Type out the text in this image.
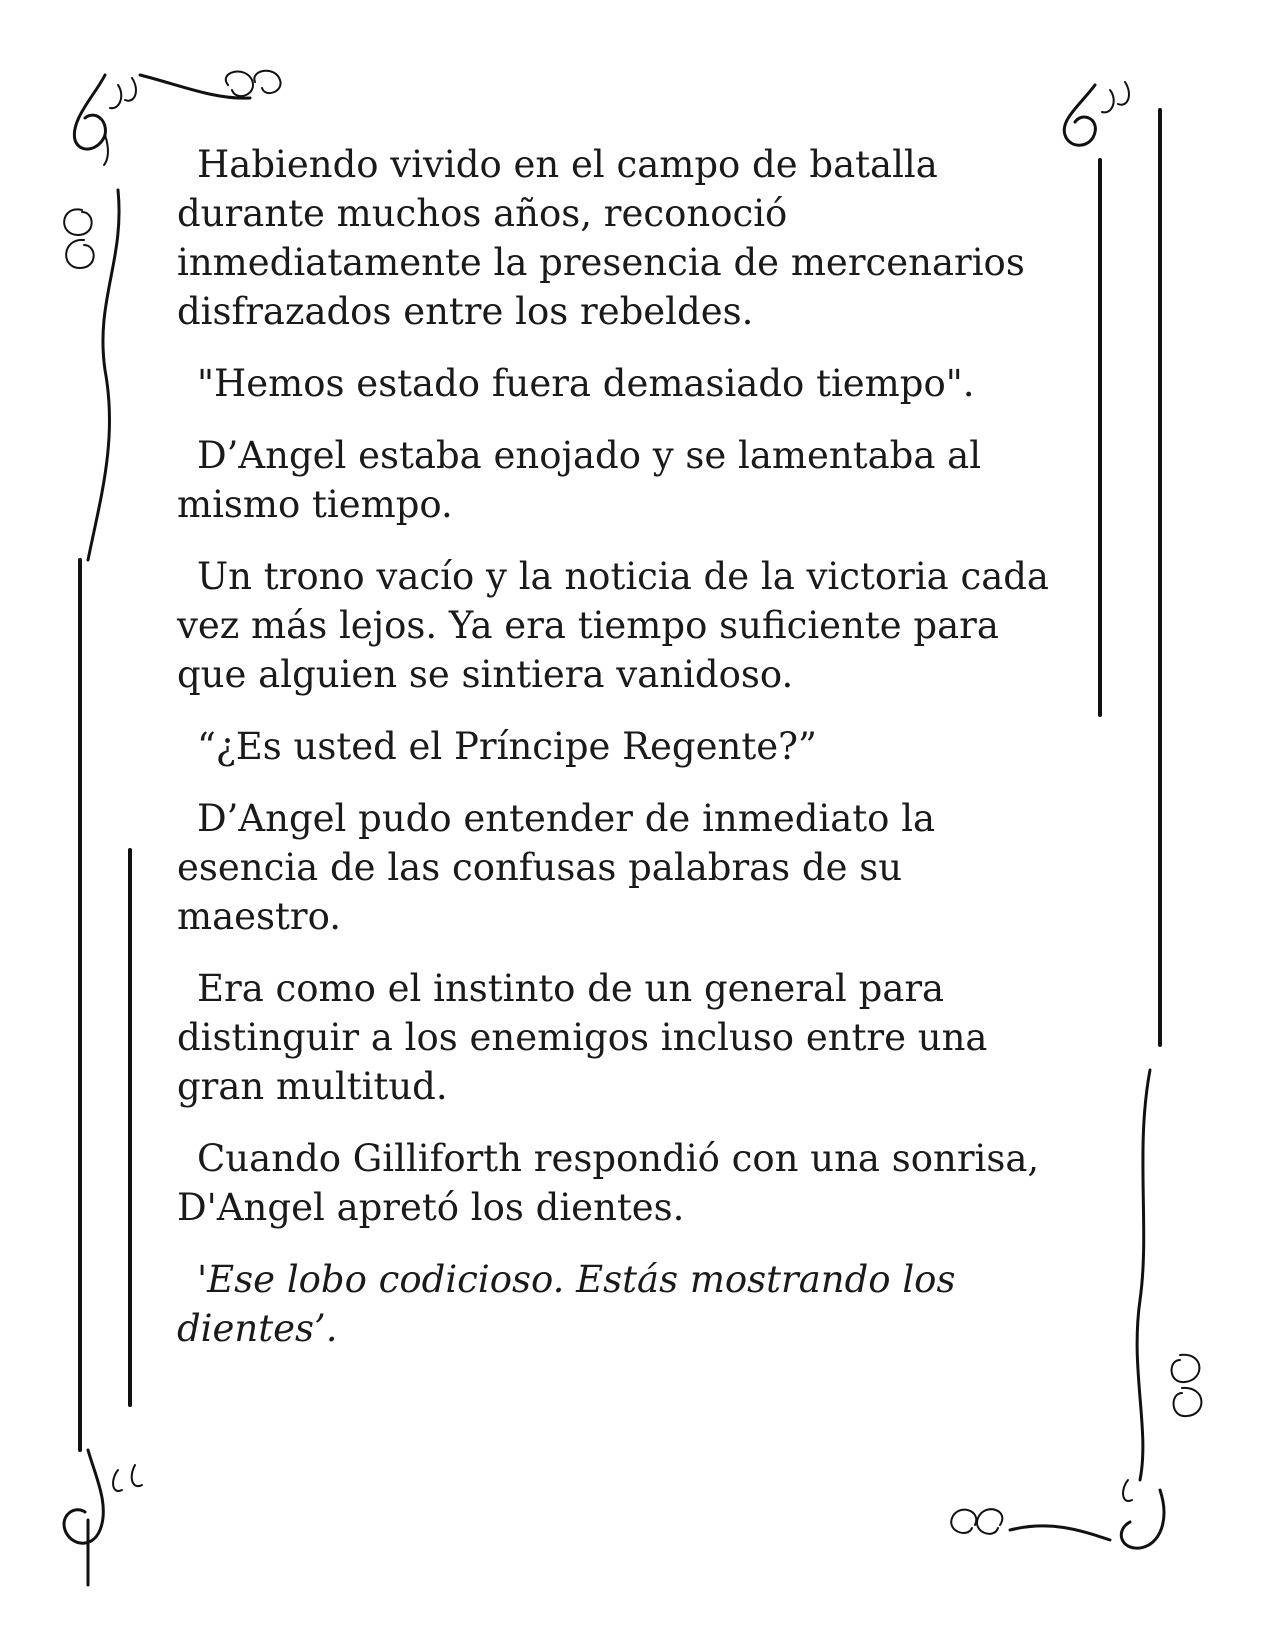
Habiendo vivido en el campo de batalla durante muchos años, reconoció inmediatamente la presencia de mercenarios disfrazados entre los rebeldes.

"Hemos estado fuera demasiado tiempo".

D’Angel estaba enojado y se lamentaba al mismo tiempo.

Un trono vacío y la noticia de la victoria cada vez más lejos. Ya era tiempo suficiente para que alguien se sintiera vanidoso.

“¿Es usted el Príncipe Regente?”

D’Angel pudo entender de inmediato la esencia de las confusas palabras de su maestro.

Era como el instinto de un general para distinguir a los enemigos incluso entre una gran multitud.

Cuando Gilliforth respondió con una sonrisa, D'Angel apretó los dientes.

'Ese lobo codicioso. Estás mostrando los dientes’.
